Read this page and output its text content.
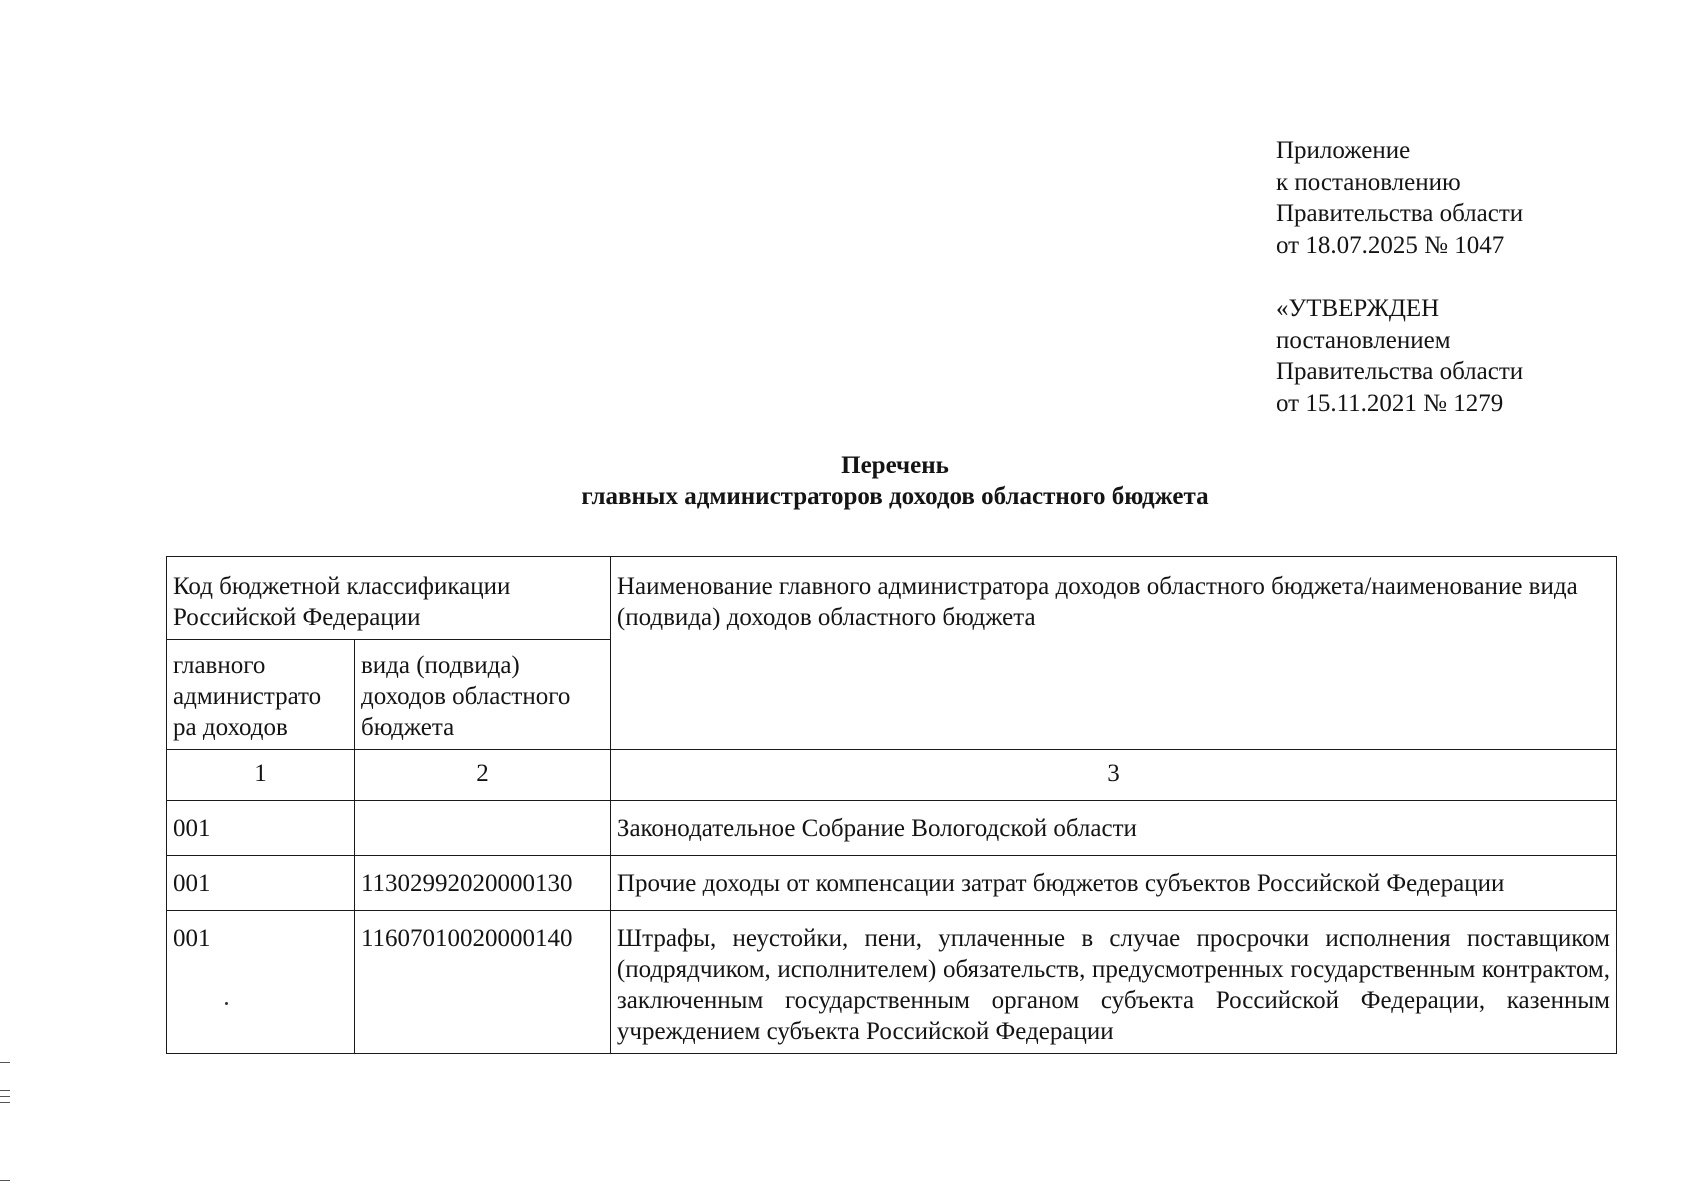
Приложение
к постановлению
Правительства области
от 18.07.2025 № 1047
«УТВЕРЖДЕН
постановлением
Правительства области
от 15.11.2021 № 1279
Перечень
главных администраторов доходов областного бюджета
Код бюджетной классификации Российской Федерации		Наименование главного администратора доходов областного бюджета/наименование вида (подвида) доходов областного бюджета
главного администрато ра доходов	вида (подвида) доходов областного бюджета	
1	2	3
001		Законодательное Собрание Вологодской области
001	11302992020000130	Прочие доходы от компенсации затрат бюджетов субъектов Российской Федерации
001	11607010020000140	Штрафы, неустойки, пени, уплаченные в случае просрочки исполнения поставщиком (подрядчиком, исполнителем) обязательств, предусмотренных государственным контрактом, заключенным государственным органом субъекта Российской Федерации, казенным учреждением субъекта Российской Федерации
